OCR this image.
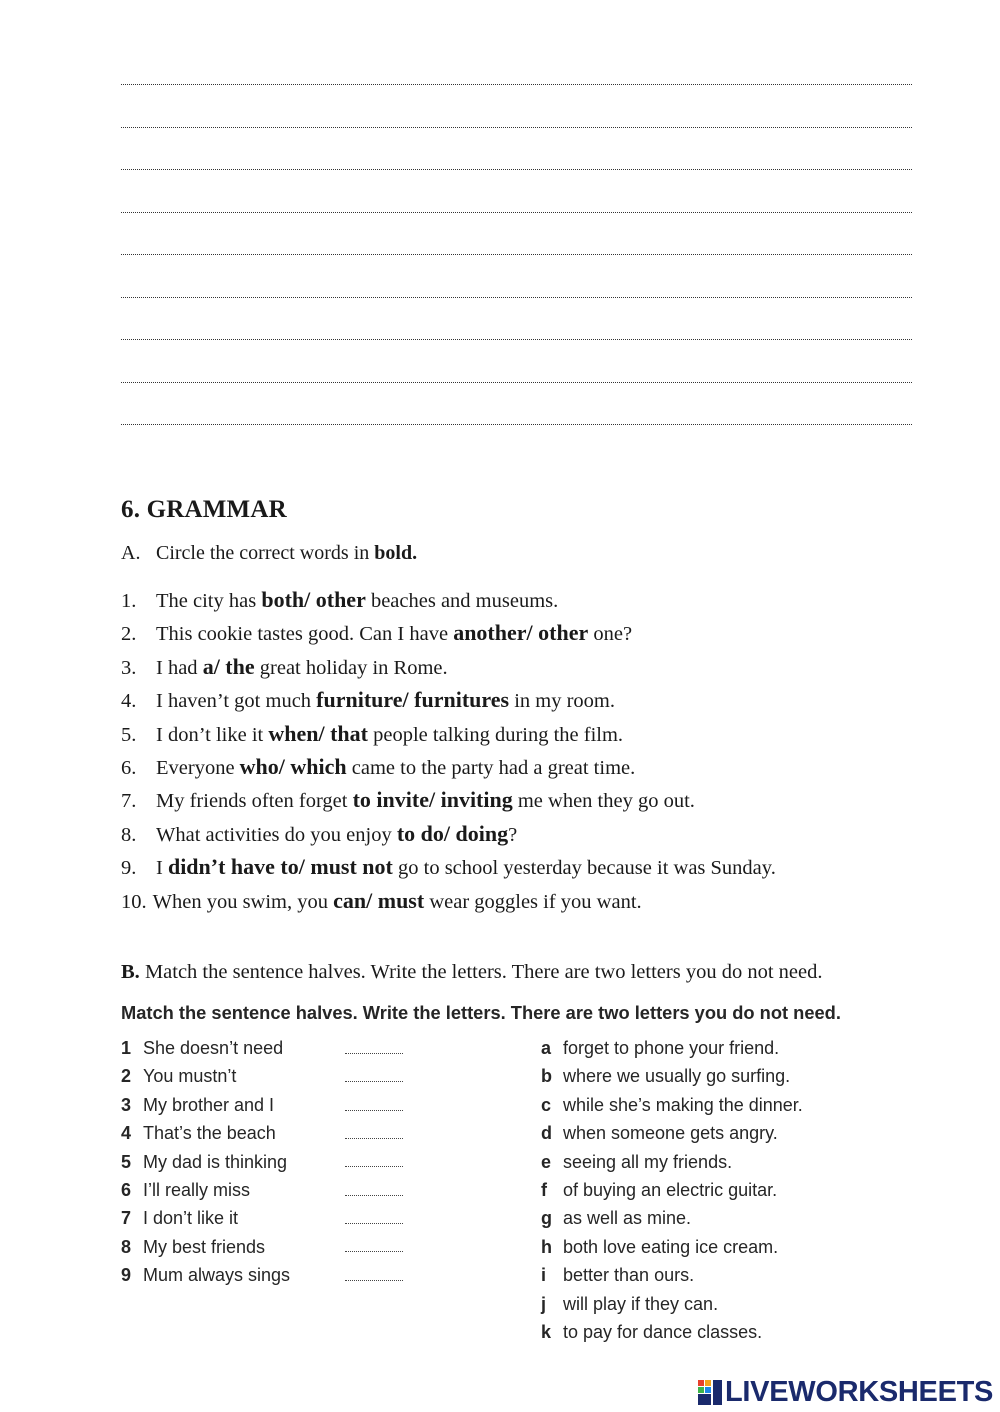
6. GRAMMAR
A. Circle the correct words in bold.
1. The city has both/ other beaches and museums.
2. This cookie tastes good. Can I have another/ other one?
3. I had a/ the great holiday in Rome.
4. I haven’t got much furniture/ furnitures in my room.
5. I don’t like it when/ that people talking during the film.
6. Everyone who/ which came to the party had a great time.
7. My friends often forget to invite/ inviting me when they go out.
8. What activities do you enjoy to do/ doing?
9. I didn’t have to/ must not go to school yesterday because it was Sunday.
10. When you swim, you can/ must wear goggles if you want.
B. Match the sentence halves. Write the letters. There are two letters you do not need.
Match the sentence halves. Write the letters. There are two letters you do not need.
1 She doesn’t need
2 You mustn’t
3 My brother and I
4 That’s the beach
5 My dad is thinking
6 I’ll really miss
7 I don’t like it
8 My best friends
9 Mum always sings
a forget to phone your friend.
b where we usually go surfing.
c while she’s making the dinner.
d when someone gets angry.
e seeing all my friends.
f of buying an electric guitar.
g as well as mine.
h both love eating ice cream.
i better than ours.
j will play if they can.
k to pay for dance classes.
LIVEWORKSHEETS
